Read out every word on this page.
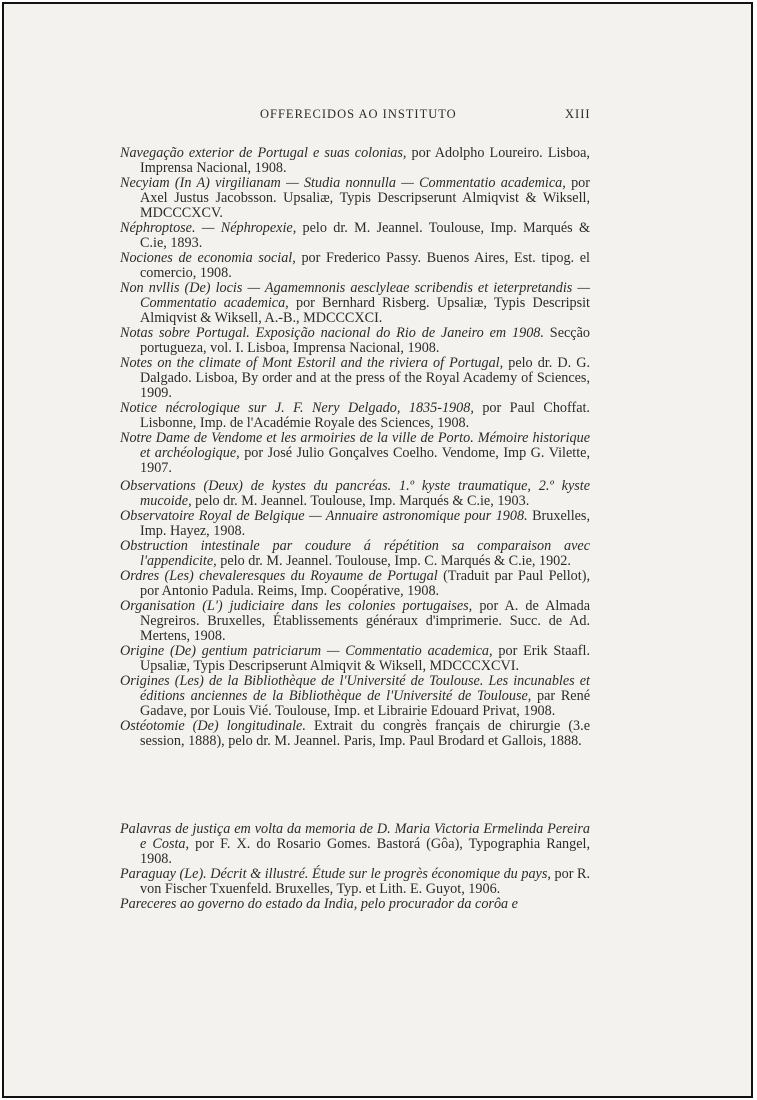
OFFERECIDOS AO INSTITUTO	XIII

Navegação exterior de Portugal e suas colonias, por Adolpho Loureiro. Lisboa, Imprensa Nacional, 1908.

Necyiam (In A) virgilianam — Studia nonnulla — Commentatio academica, por Axel Justus Jacobsson. Upsaliæ, Typis Descripserunt Almiqvist & Wiksell, MDCCCXCV.

Néphroptose. — Néphropexie, pelo dr. M. Jeannel. Toulouse, Imp. Marqués & C.ie, 1893.

Nociones de economia social, por Frederico Passy. Buenos Aires, Est. tipog. el comercio, 1908.

Non nvllis (De) locis — Agamemnonis aesclyleae scribendis et ieterpretandis — Commentatio academica, por Bernhard Risberg. Upsaliæ, Typis Descripsit Almiqvist & Wiksell, A.-B., MDCCCXCI.

Notas sobre Portugal. Exposição nacional do Rio de Janeiro em 1908. Secção portugueza, vol. I. Lisboa, Imprensa Nacional, 1908.

Notes on the climate of Mont Estoril and the riviera of Portugal, pelo dr. D. G. Dalgado. Lisboa, By order and at the press of the Royal Academy of Sciences, 1909.

Notice nécrologique sur J. F. Nery Delgado, 1835-1908, por Paul Choffat. Lisbonne, Imp. de l'Académie Royale des Sciences, 1908.

Notre Dame de Vendome et les armoiries de la ville de Porto. Mémoire historique et archéologique, por José Julio Gonçalves Coelho. Vendome, Imp G. Vilette, 1907.

Observations (Deux) de kystes du pancréas. 1.º kyste traumatique, 2.º kyste mucoide, pelo dr. M. Jeannel. Toulouse, Imp. Marqués & C.ie, 1903.

Observatoire Royal de Belgique — Annuaire astronomique pour 1908. Bruxelles, Imp. Hayez, 1908.

Obstruction intestinale par coudure á répétition sa comparaison avec l'appendicite, pelo dr. M. Jeannel. Toulouse, Imp. C. Marqués & C.ie, 1902.

Ordres (Les) chevaleresques du Royaume de Portugal (Traduit par Paul Pellot), por Antonio Padula. Reims, Imp. Coopérative, 1908.

Organisation (L') judiciaire dans les colonies portugaises, por A. de Almada Negreiros. Bruxelles, Établissements généraux d'imprimerie. Succ. de Ad. Mertens, 1908.

Origine (De) gentium patriciarum — Commentatio academica, por Erik Staafl. Upsaliæ, Typis Descripserunt Almiqvit & Wiksell, MDCCCXCVI.

Origines (Les) de la Bibliothèque de l'Université de Toulouse. Les incunables et éditions anciennes de la Bibliothèque de l'Université de Toulouse, par René Gadave, por Louis Vié. Toulouse, Imp. et Librairie Edouard Privat, 1908.

Ostéotomie (De) longitudinale. Extrait du congrès français de chirurgie (3.e session, 1888), pelo dr. M. Jeannel. Paris, Imp. Paul Brodard et Gallois, 1888.

Palavras de justiça em volta da memoria de D. Maria Victoria Ermelinda Pereira e Costa, por F. X. do Rosario Gomes. Bastorá (Gôa), Typographia Rangel, 1908.

Paraguay (Le). Décrit & illustré. Étude sur le progrès économique du pays, por R. von Fischer Txuenfeld. Bruxelles, Typ. et Lith. E. Guyot, 1906.

Pareceres ao governo do estado da India, pelo procurador da corôa e
